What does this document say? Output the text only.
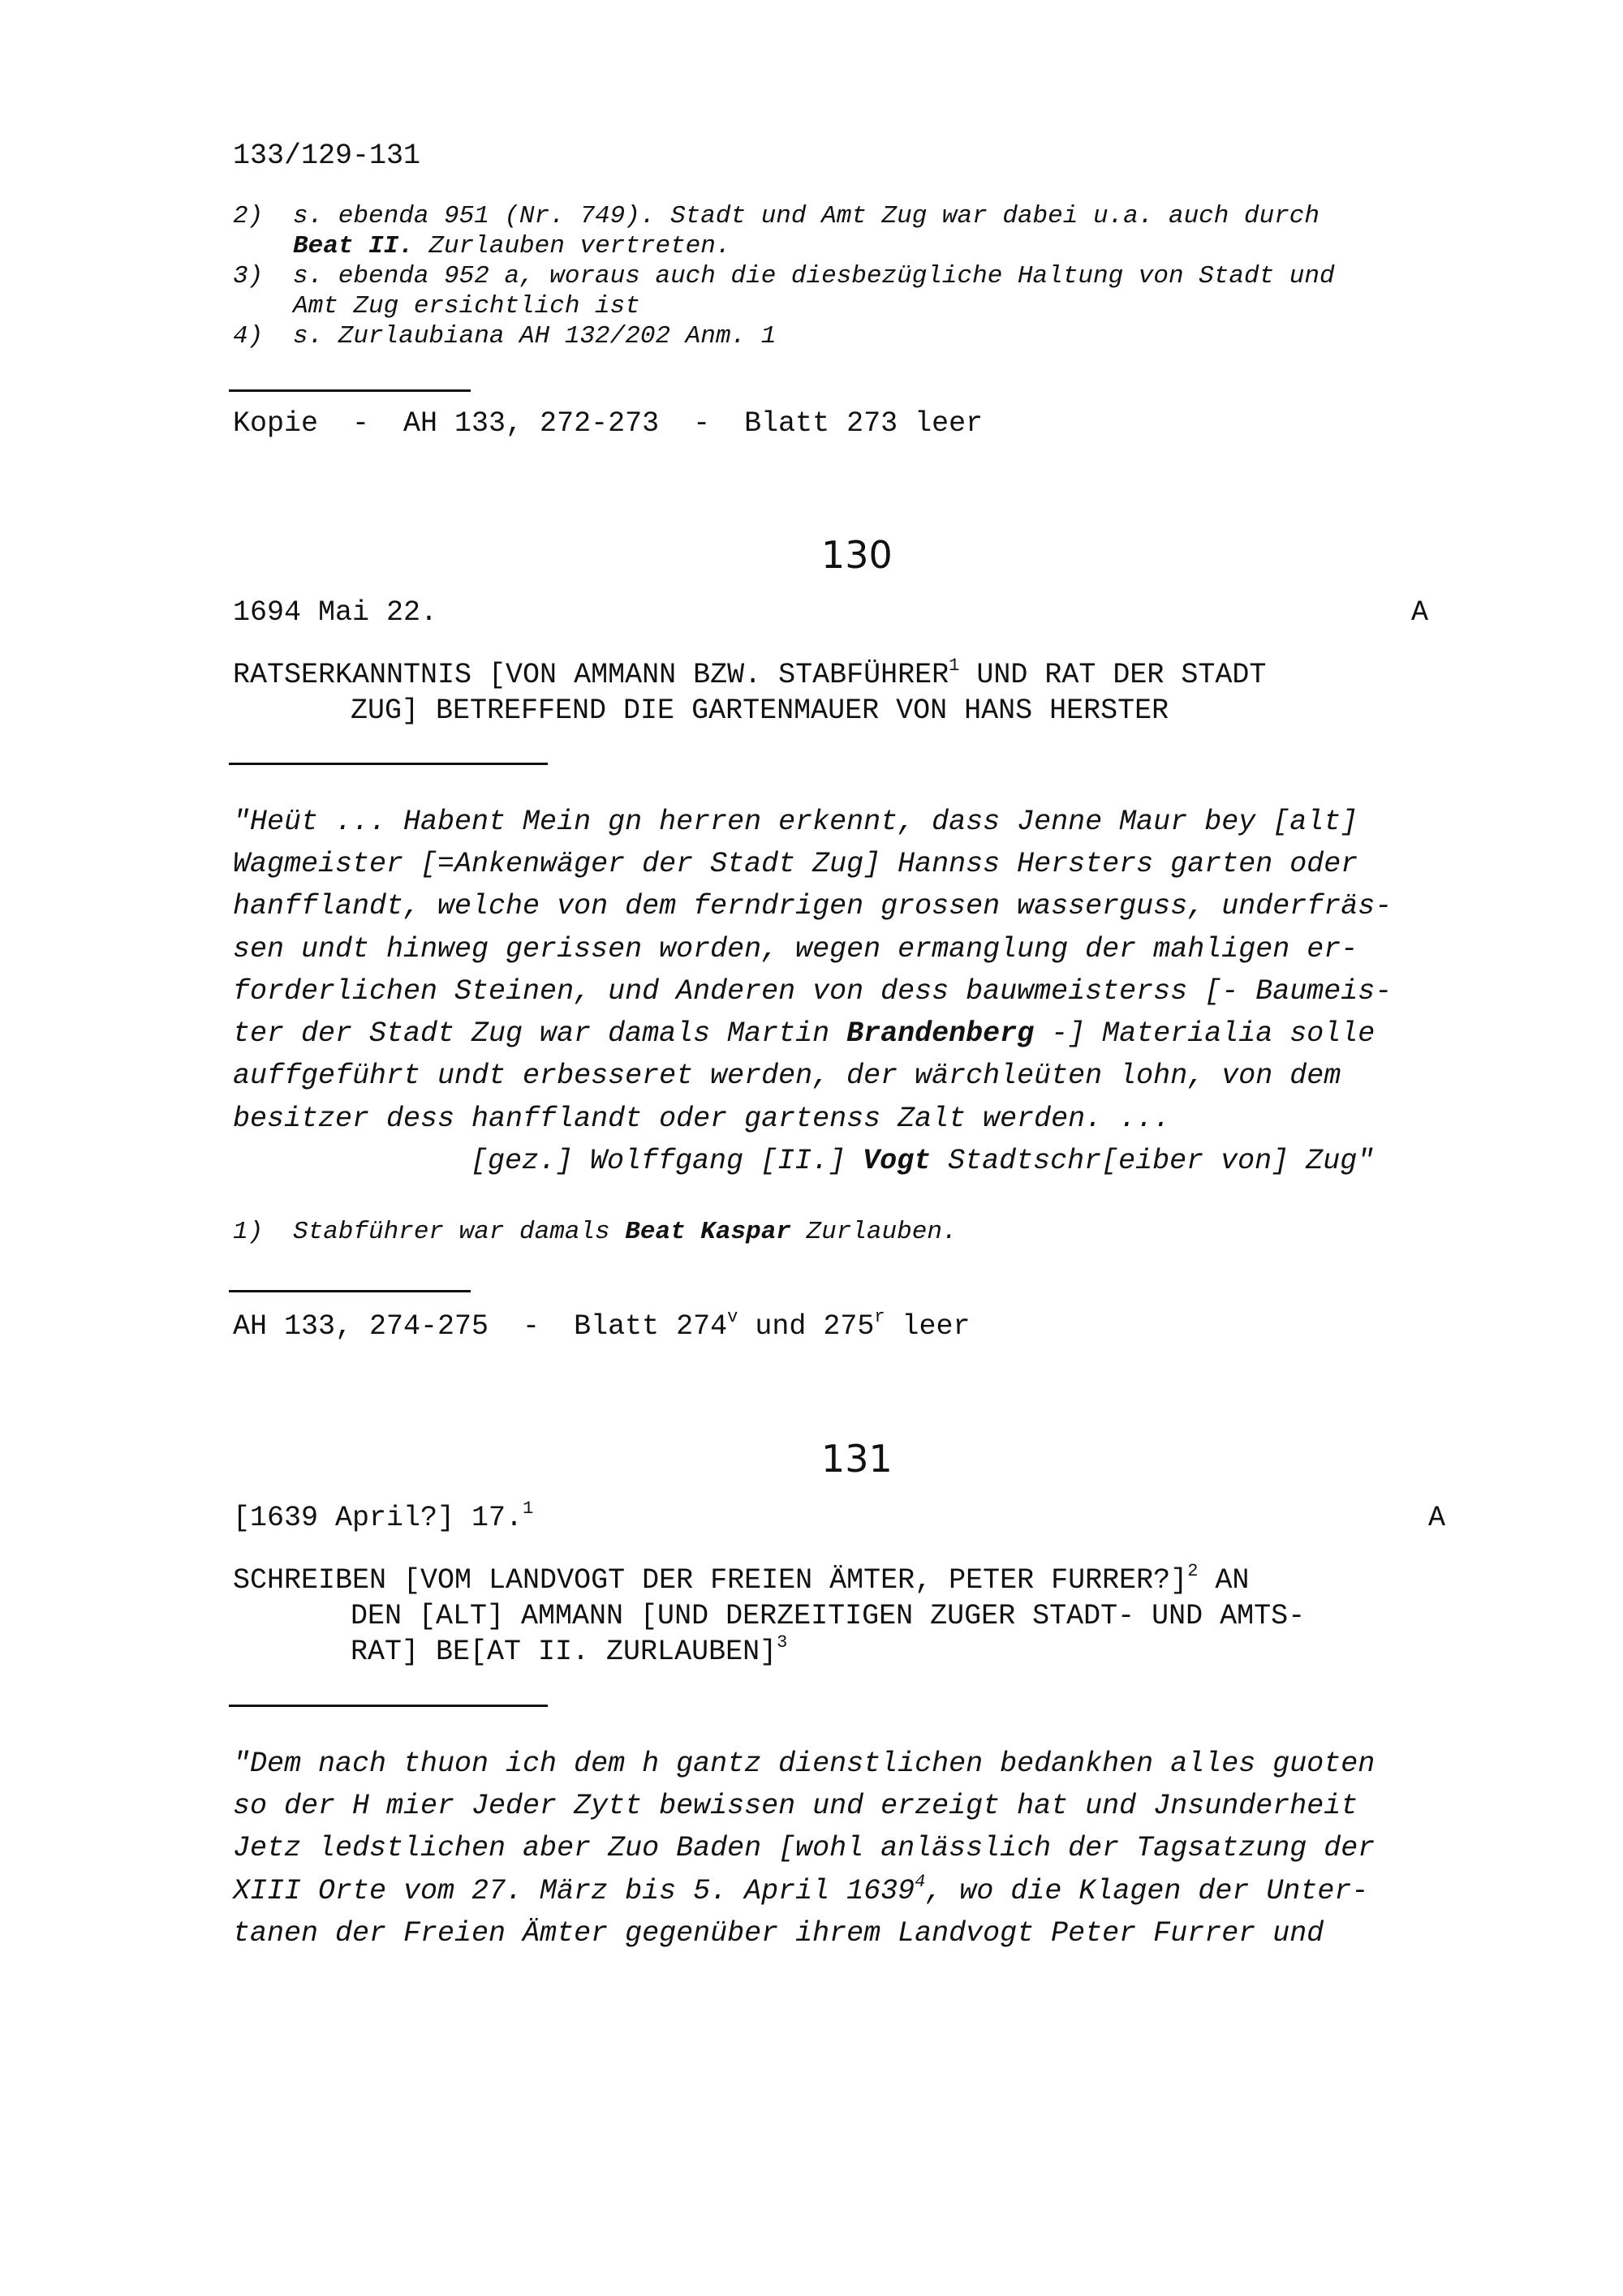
133/129-131
2) s. ebenda 951 (Nr. 749). Stadt und Amt Zug war dabei u.a. auch durch
Beat II. Zurlauben vertreten.
3) s. ebenda 952 a, woraus auch die diesbezügliche Haltung von Stadt und
Amt Zug ersichtlich ist
4) s. Zurlaubiana AH 132/202 Anm. 1
Kopie  -  AH 133, 272-273  -  Blatt 273 leer
130
1694 Mai 22.	A
RATSERKANNTNIS [VON AMMANN BZW. STABFÜHRER$^1$ UND RAT DER STADT
ZUG] BETREFFEND DIE GARTENMAUER VON HANS HERSTER
"Heüt ... Habent Mein gn herren erkennt, dass Jenne Maur bey [alt]
Wagmeister [=Ankenwäger der Stadt Zug] Hannss Hersters garten oder
hanfflandt, welche von dem ferndrigen grossen wasserguss, underfräs-
sen undt hinweg gerissen worden, wegen ermanglung der mahligen er-
forderlichen Steinen, und Anderen von dess bauwmeisterss [- Baumeis-
ter der Stadt Zug war damals Martin Brandenberg -] Materialia solle
auffgeführt undt erbesseret werden, der wärchleüten lohn, von dem
besitzer dess hanfflandt oder gartenss Zalt werden. ...
[gez.] Wolffgang [II.] Vogt Stadtschr[eiber von] Zug"
1) Stabführer war damals Beat Kaspar Zurlauben.
AH 133, 274-275  -  Blatt 274$^v$ und 275$^r$ leer
131
[1639 April?] 17.$^1$	A
SCHREIBEN [VOM LANDVOGT DER FREIEN ÄMTER, PETER FURRER?]$^2$ AN
DEN [ALT] AMMANN [UND DERZEITIGEN ZUGER STADT- UND AMTS-
RAT] BE[AT II. ZURLAUBEN]$^3$
"Dem nach thuon ich dem h gantz dienstlichen bedankhen alles guoten
so der H mier Jeder Zytt bewissen und erzeigt hat und Jnsunderheit
Jetz ledstlichen aber Zuo Baden [wohl anlässlich der Tagsatzung der
XIII Orte vom 27. März bis 5. April 1639$^4$, wo die Klagen der Unter-
tanen der Freien Ämter gegenüber ihrem Landvogt Peter Furrer und
